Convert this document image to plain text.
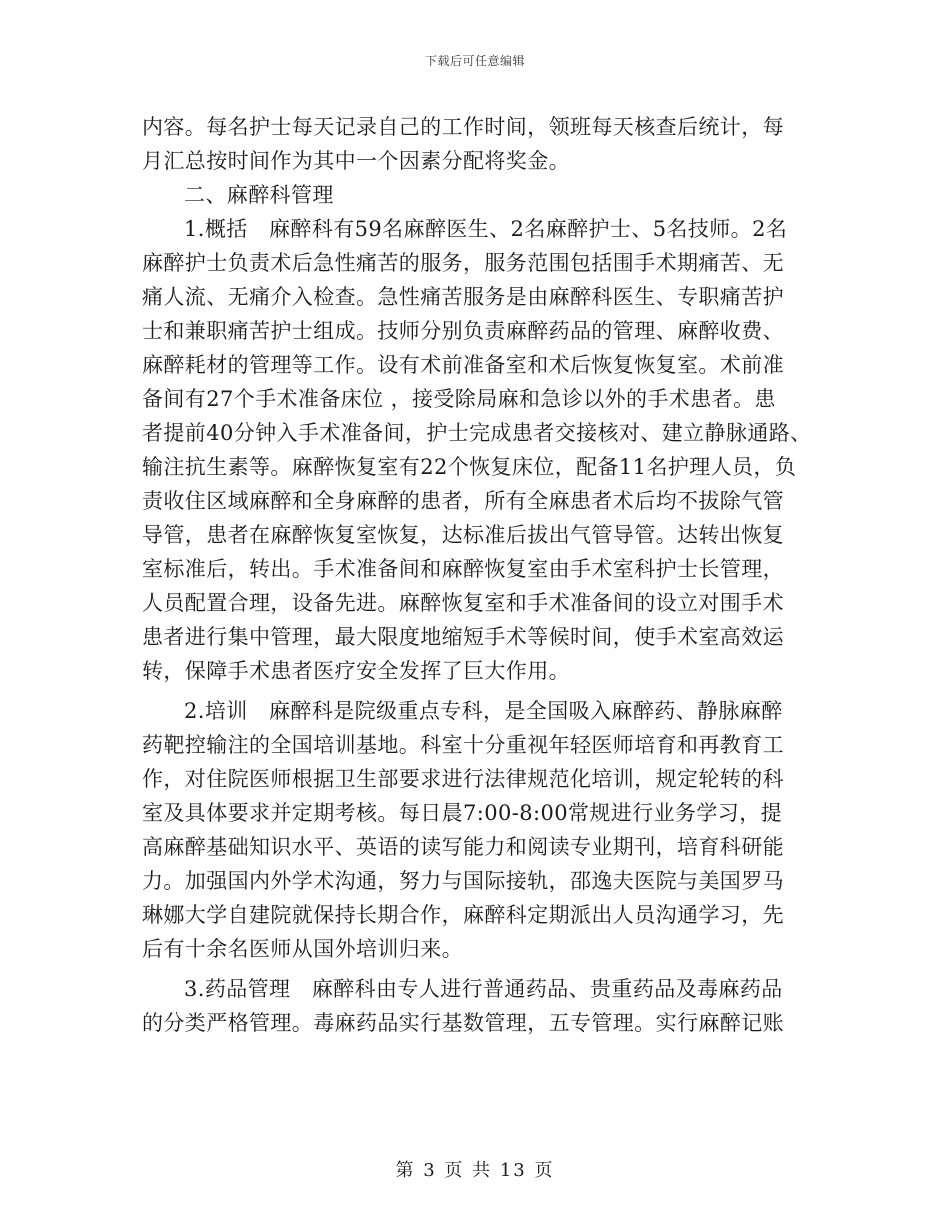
下载后可任意编辑
内容。每名护士每天记录自己的工作时间，领班每天核查后统计，每
月汇总按时间作为其中一个因素分配将奖金。
二、麻醉科管理
1.概括　麻醉科有59名麻醉医生、2名麻醉护士、5名技师。2名
麻醉护士负责术后急性痛苦的服务，服务范围包括围手术期痛苦、无
痛人流、无痛介入检查。急性痛苦服务是由麻醉科医生、专职痛苦护
士和兼职痛苦护士组成。技师分别负责麻醉药品的管理、麻醉收费、
麻醉耗材的管理等工作。设有术前准备室和术后恢复恢复室。术前准
备间有27个手术准备床位 ，接受除局麻和急诊以外的手术患者。患
者提前40分钟入手术准备间，护士完成患者交接核对、建立静脉通路、
输注抗生素等。麻醉恢复室有22个恢复床位，配备11名护理人员，负
责收住区域麻醉和全身麻醉的患者，所有全麻患者术后均不拔除气管
导管，患者在麻醉恢复室恢复，达标准后拔出气管导管。达转出恢复
室标准后，转出。手术准备间和麻醉恢复室由手术室科护士长管理，
人员配置合理，设备先进。麻醉恢复室和手术准备间的设立对围手术
患者进行集中管理，最大限度地缩短手术等候时间，使手术室高效运
转，保障手术患者医疗安全发挥了巨大作用。
2.培训　麻醉科是院级重点专科，是全国吸入麻醉药、静脉麻醉
药靶控输注的全国培训基地。科室十分重视年轻医师培育和再教育工
作，对住院医师根据卫生部要求进行法律规范化培训，规定轮转的科
室及具体要求并定期考核。每日晨7:00-8:00常规进行业务学习，提
高麻醉基础知识水平、英语的读写能力和阅读专业期刊，培育科研能
力。加强国内外学术沟通，努力与国际接轨，邵逸夫医院与美国罗马
琳娜大学自建院就保持长期合作，麻醉科定期派出人员沟通学习，先
后有十余名医师从国外培训归来。
3.药品管理　麻醉科由专人进行普通药品、贵重药品及毒麻药品
的分类严格管理。毒麻药品实行基数管理，五专管理。实行麻醉记账
第 3 页 共 13 页
